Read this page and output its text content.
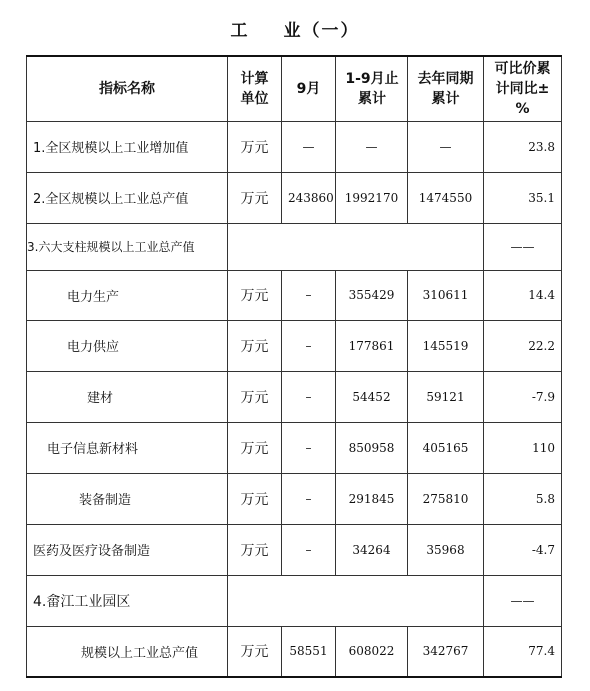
工 业（一）
指标名称	计算单位	9月	1-9月止累计	去年同期累计	可比价累计同比±%

1.全区规模以上工业增加值	万元	—	—	—	23.8
2.全区规模以上工业总产值	万元	243860	1992170	1474550	35.1
3.六大支柱规模以上工业总产值					——
电力生产	万元	–	355429	310611	14.4
电力供应	万元	–	177861	145519	22.2
建材	万元	–	54452	59121	-7.9
电子信息新材料	万元	–	850958	405165	110
装备制造	万元	–	291845	275810	5.8
医药及医疗设备制造	万元	–	34264	35968	-4.7
4.畲江工业园区					——
规模以上工业总产值	万元	58551	608022	342767	77.4
